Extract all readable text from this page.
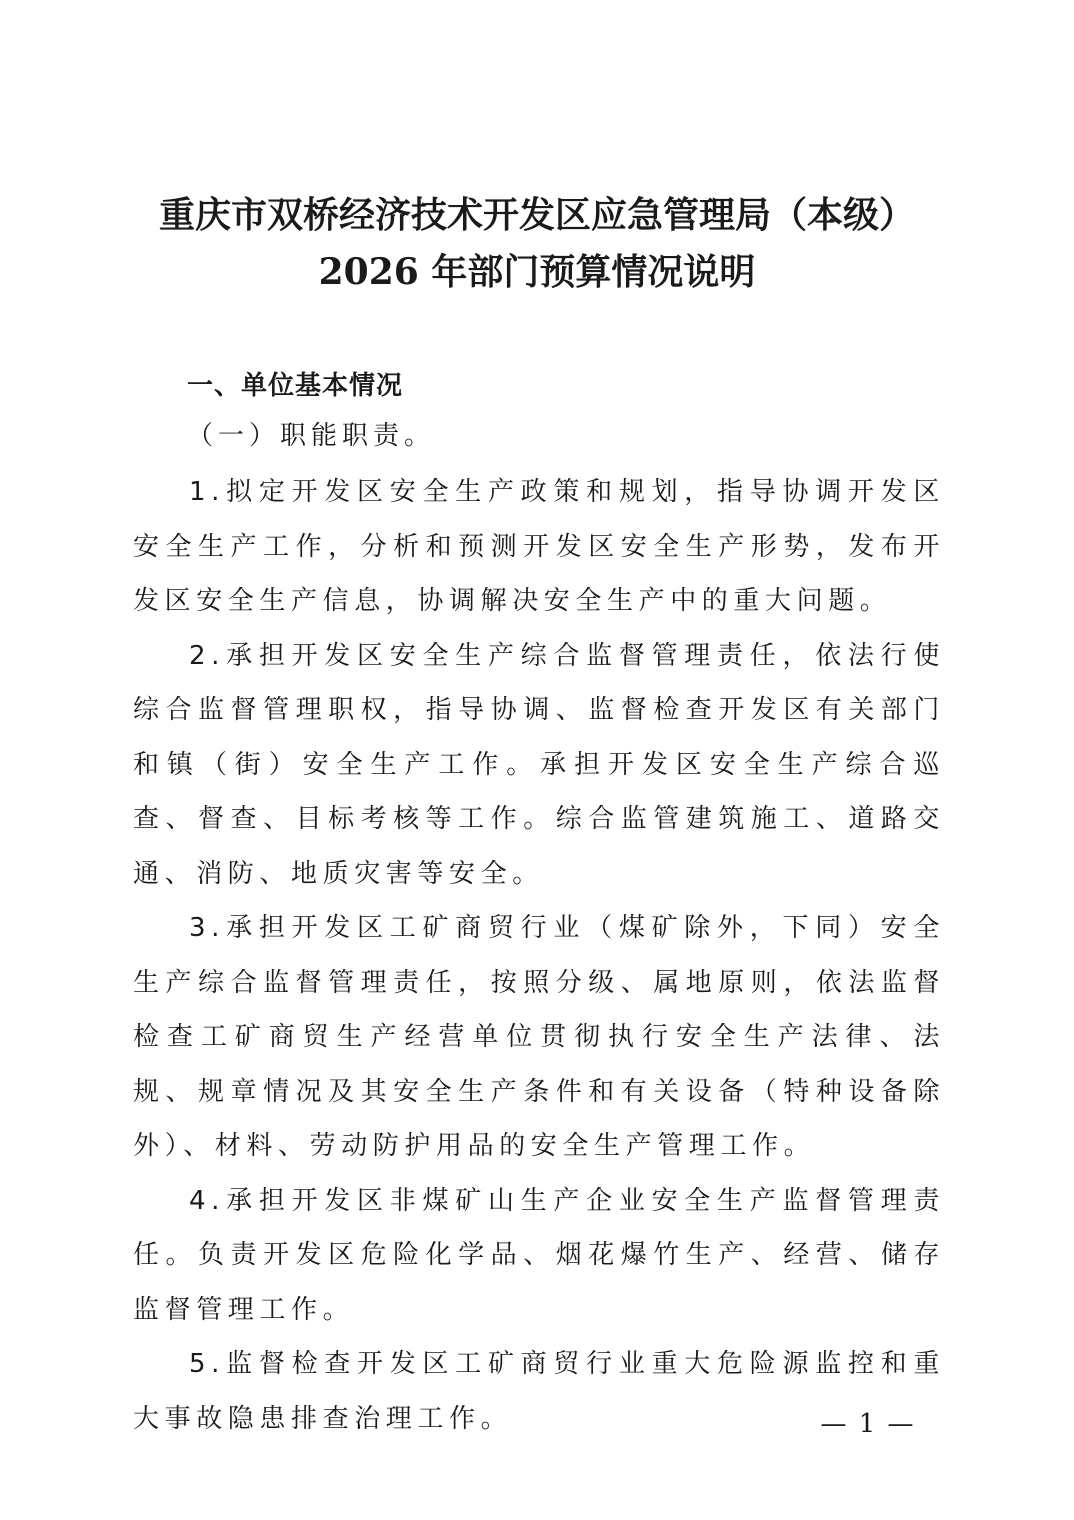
重庆市双桥经济技术开发区应急管理局（本级）
2026 年部门预算情况说明
一、单位基本情况
（一）职能职责。

1.拟定开发区安全生产政策和规划，指导协调开发区安全生产工作，分析和预测开发区安全生产形势，发布开发区安全生产信息，协调解决安全生产中的重大问题。

2.承担开发区安全生产综合监督管理责任，依法行使综合监督管理职权，指导协调、监督检查开发区有关部门和镇（街）安全生产工作。承担开发区安全生产综合巡查、督查、目标考核等工作。综合监管建筑施工、道路交通、消防、地质灾害等安全。

3.承担开发区工矿商贸行业（煤矿除外，下同）安全生产综合监督管理责任，按照分级、属地原则，依法监督检查工矿商贸生产经营单位贯彻执行安全生产法律、法规、规章情况及其安全生产条件和有关设备（特种设备除外）、材料、劳动防护用品的安全生产管理工作。

4.承担开发区非煤矿山生产企业安全生产监督管理责任。负责开发区危险化学品、烟花爆竹生产、经营、储存监督管理工作。

5.监督检查开发区工矿商贸行业重大危险源监控和重大事故隐患排查治理工作。	— 1 —
